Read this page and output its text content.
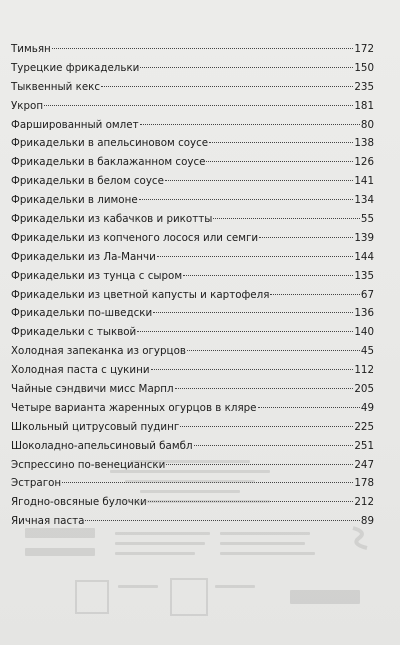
Тимьян	172
Турецкие фрикадельки	150
Тыквенный кекс	235
Укроп	181
Фаршированный омлет	80
Фрикадельки в апельсиновом соусе	138
Фрикадельки в баклажанном соусе	126
Фрикадельки в белом соусе	141
Фрикадельки в лимоне	134
Фрикадельки из кабачков и рикотты	55
Фрикадельки из копченого лосося или семги	139
Фрикадельки из Ла-Манчи	144
Фрикадельки из тунца с сыром	135
Фрикадельки из цветной капусты и картофеля	67
Фрикадельки по-шведски	136
Фрикадельки с тыквой	140
Холодная запеканка из огурцов	45
Холодная паста с цукини	112
Чайные сэндвичи мисс Марпл	205
Четыре варианта жаренных огурцов в кляре	49
Школьный цитрусовый пудинг	225
Шоколадно-апельсиновый бамбл	251
Эспрессино по-венециански	247
Эстрагон	178
Ягодно-овсяные булочки	212
Яичная паста	89
